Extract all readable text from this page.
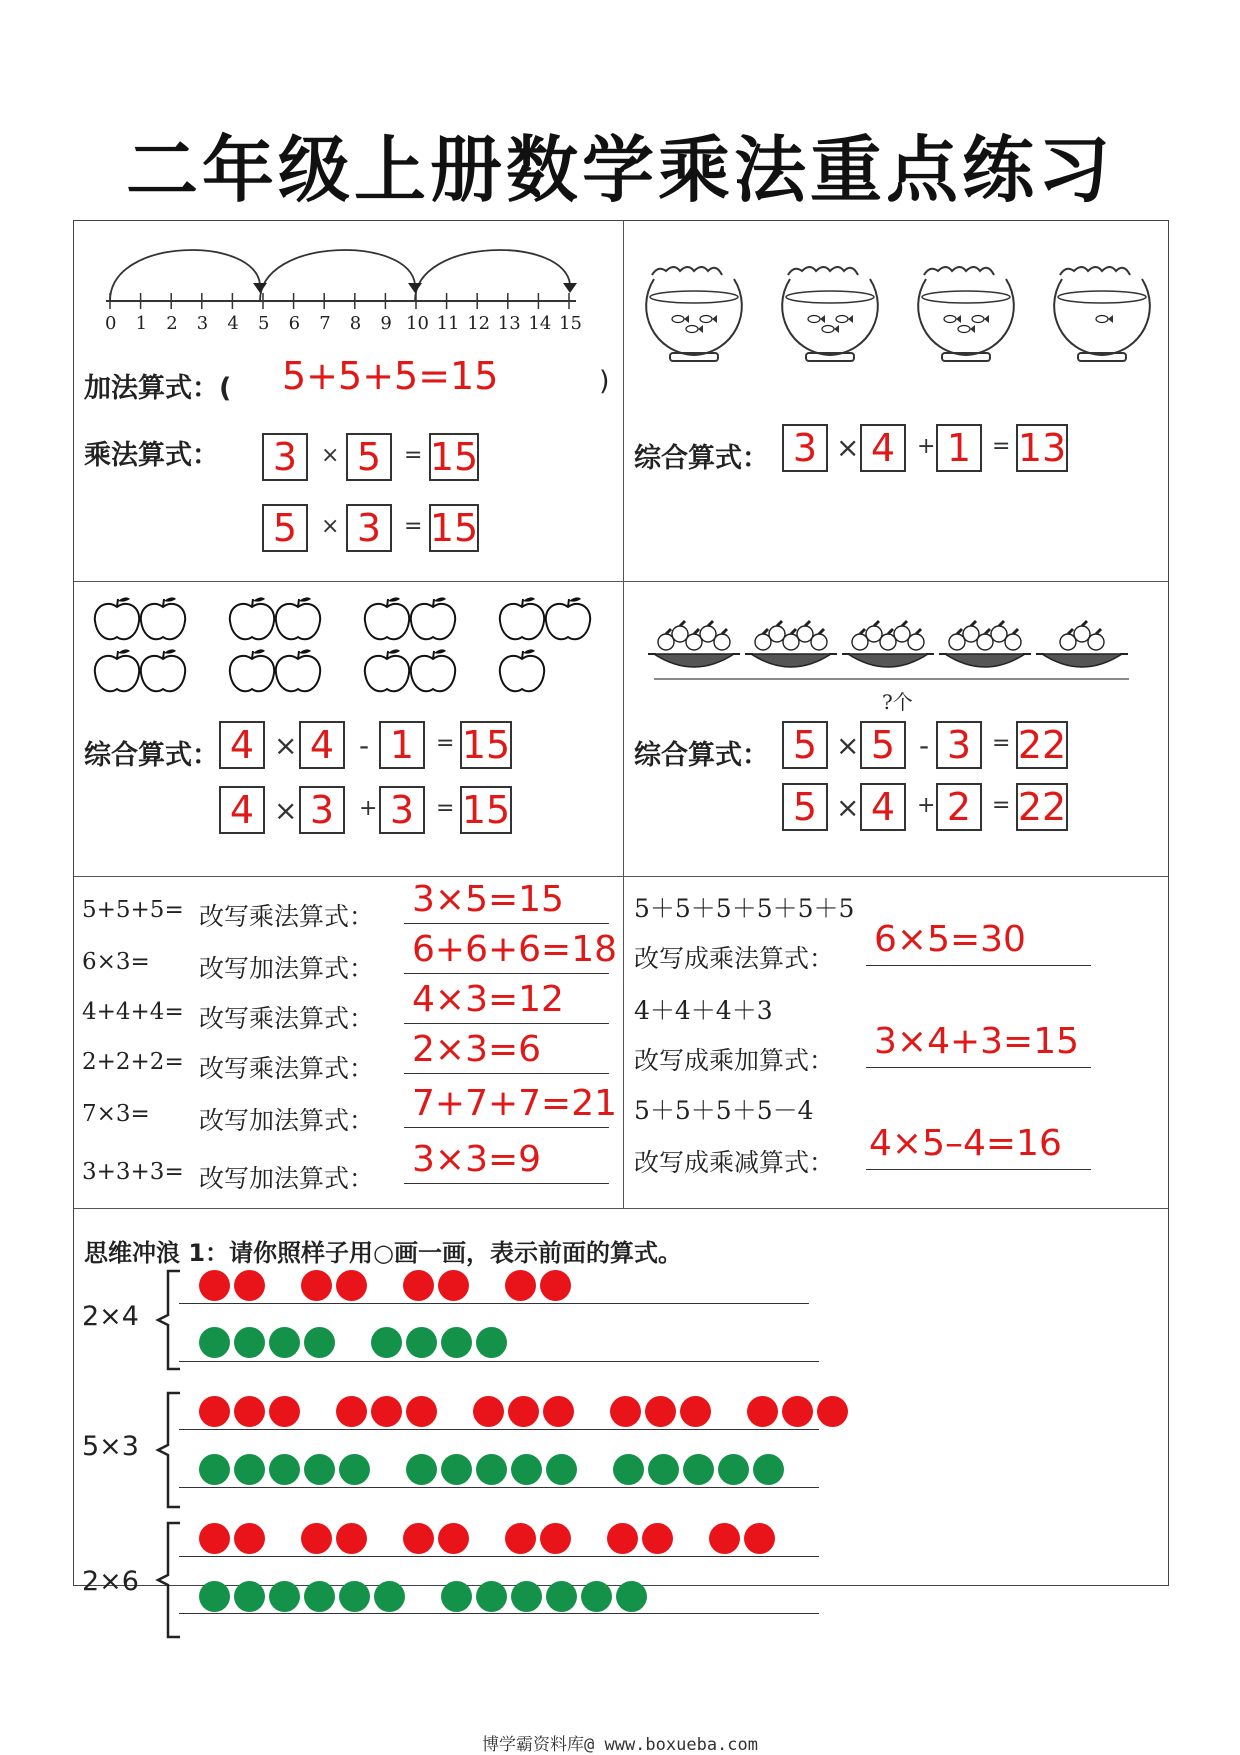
二年级上册数学乘法重点练习
0 1 2 3 4 5 6 7 8 9 10 11 12 13 14 15
加法算式：( 5+5+5=15	)
乘法算式： 3	× 5	= 15
5	× 3	= 15
综合算式： 3 × 4 + 1 = 13
综合算式： 4 × 4 - 1 = 15
4 × 3	+ 3 = 15
?个
综合算式： 5 × 5 - 3 = 22
5 × 4 + 2 = 22
5+5+5= 改写乘法算式： 3×5=15
6×3= 改写加法算式： 6+6+6=18
4+4+4= 改写乘法算式： 4×3=12
2+2+2= 改写乘法算式： 2×3=6
7×3= 改写加法算式： 7+7+7=21
3+3+3= 改写加法算式： 3×3=9
5＋5＋5＋5＋5＋5
改写成乘法算式： 6×5=30
4＋4＋4＋3
改写成乘加算式： 3×4+3=15
5＋5＋5＋5－4
改写成乘减算式： 4×5–4=16
思维冲浪 1：请你照样子用○画一画，表示前面的算式。
2×4
5×3
2×6
博学霸资料库@ www.boxueba.com
